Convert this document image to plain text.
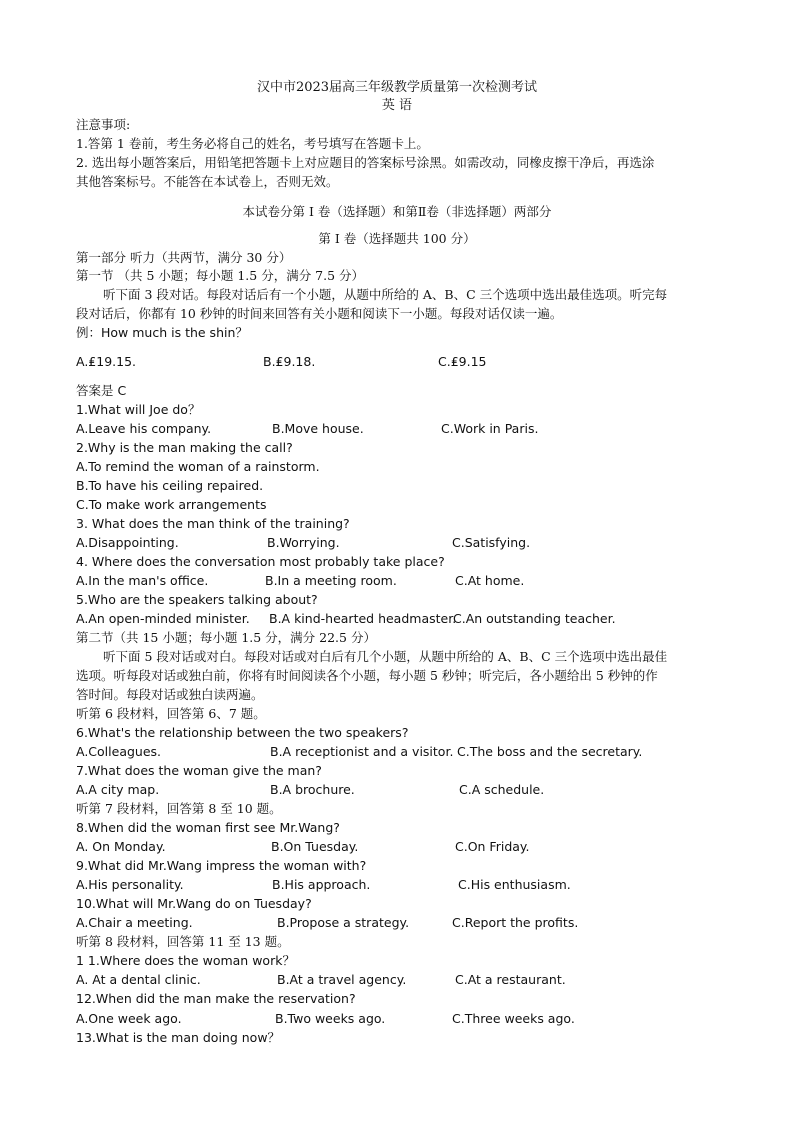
汉中市2023届高三年级教学质量第一次检测考试
英 语
注意事项:
1.答第 1 卷前，考生务必将自己的姓名，考号填写在答题卡上。
2. 选出每小题答案后，用铅笔把答题卡上对应题目的答案标号涂黑。如需改动，同橡皮擦干净后，再选涂
其他答案标号。不能答在本试卷上，否则无效。
本试卷分第 I 卷（选择题）和第Ⅱ卷（非选择题）两部分
第 I 卷（选择题共 100 分）
第一部分 听力（共两节，满分 30 分）
第一节 （共 5 小题；每小题 1.5 分，满分 7.5 分）
听下面 3 段对话。每段对话后有一个小题，从题中所给的 A、B、C 三个选项中选出最佳选项。听完每
段对话后，你都有 10 秒钟的时间来回答有关小题和阅读下一小题。每段对话仅读一遍。
例：How much is the shin？
A.₤19.15.	B.₤9.18.	C.₤9.15
答案是 C
1.What will Joe do？
A.Leave his company.	B.Move house.	C.Work in Paris.
2.Why is the man making the call?
A.To remind the woman of a rainstorm.
B.To have his ceiling repaired.
C.To make work arrangements
3. What does the man think of the training?
A.Disappointing.	B.Worrying.	C.Satisfying.
4. Where does the conversation most probably take place?
A.In the man's office.	B.In a meeting room.	C.At home.
5.Who are the speakers talking about?
A.An open-minded minister. B.A kind-hearted headmaster.
C.An outstanding teacher.
第二节（共 15 小题；每小题 1.5 分，满分 22.5 分）
听下面 5 段对话或对白。每段对话或对白后有几个小题，从题中所给的 A、B、C 三个选项中选出最佳
选项。听每段对话或独白前，你将有时间阅读各个小题，每小题 5 秒钟；听完后，各小题给出 5 秒钟的作
答时间。每段对话或独白读两遍。
听第 6 段材料，回答第 6、7 题。
6.What's the relationship between the two speakers?
A.Colleagues.	B.A receptionist and a visitor. C.The boss and the secretary.
7.What does the woman give the man?
A.A city map.	B.A brochure.	C.A schedule.
听第 7 段材料，回答第 8 至 10 题。
8.When did the woman first see Mr.Wang?
A. On Monday.	B.On Tuesday.	C.On Friday.
9.What did Mr.Wang impress the woman with?
A.His personality.	B.His approach.	C.His enthusiasm.
10.What will Mr.Wang do on Tuesday?
A.Chair a meeting.	B.Propose a strategy.	C.Report the profits.
听第 8 段材料，回答第 11 至 13 题。
1 1.Where does the woman work？
A. At a dental clinic.	B.At a travel agency.	C.At a restaurant.
12.When did the man make the reservation?
A.One week ago.	B.Two weeks ago.	C.Three weeks ago.
13.What is the man doing now？
